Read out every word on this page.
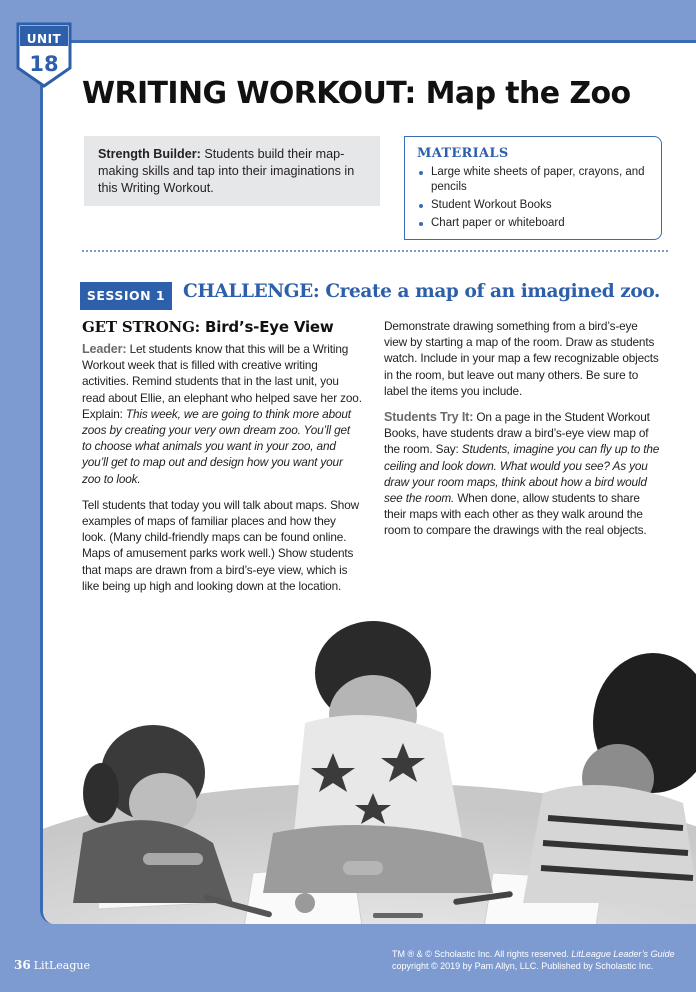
UNIT
18
WRITING WORKOUT: Map the Zoo
Strength Builder: Students build their map-making skills and tap into their imaginations in this Writing Workout.
MATERIALS
Large white sheets of paper, crayons, and pencils
Student Workout Books
Chart paper or whiteboard
SESSION 1 CHALLENGE: Create a map of an imagined zoo.
GET STRONG: Bird’s-Eye View

Leader: Let students know that this will be a Writing Workout week that is filled with creative writing activities. Remind students that in the last unit, you read about Ellie, an elephant who helped save her zoo. Explain: This week, we are going to think more about zoos by creating your very own dream zoo. You’ll get to choose what animals you want in your zoo, and you’ll get to map out and design how you want your zoo to look.

Tell students that today you will talk about maps. Show examples of maps of familiar places and how they look. (Many child-friendly maps can be found online. Maps of amusement parks work well.) Show students that maps are drawn from a bird’s-eye view, which is like being up high and looking down at the location.

Demonstrate drawing something from a bird’s-eye view by starting a map of the room. Draw as students watch. Include in your map a few recognizable objects in the room, but leave out many others. Be sure to label the items you include.

Students Try It: On a page in the Student Workout Books, have students draw a bird’s-eye view map of the room. Say: Students, imagine you can fly up to the ceiling and look down. What would you see? As you draw your room maps, think about how a bird would see the room. When done, allow students to share their maps with each other as they walk around the room to compare the drawings with the real objects.

36 LitLeague
TM ® & © Scholastic Inc. All rights reserved. LitLeague Leader’s Guide
copyright © 2019 by Pam Allyn, LLC. Published by Scholastic Inc.
